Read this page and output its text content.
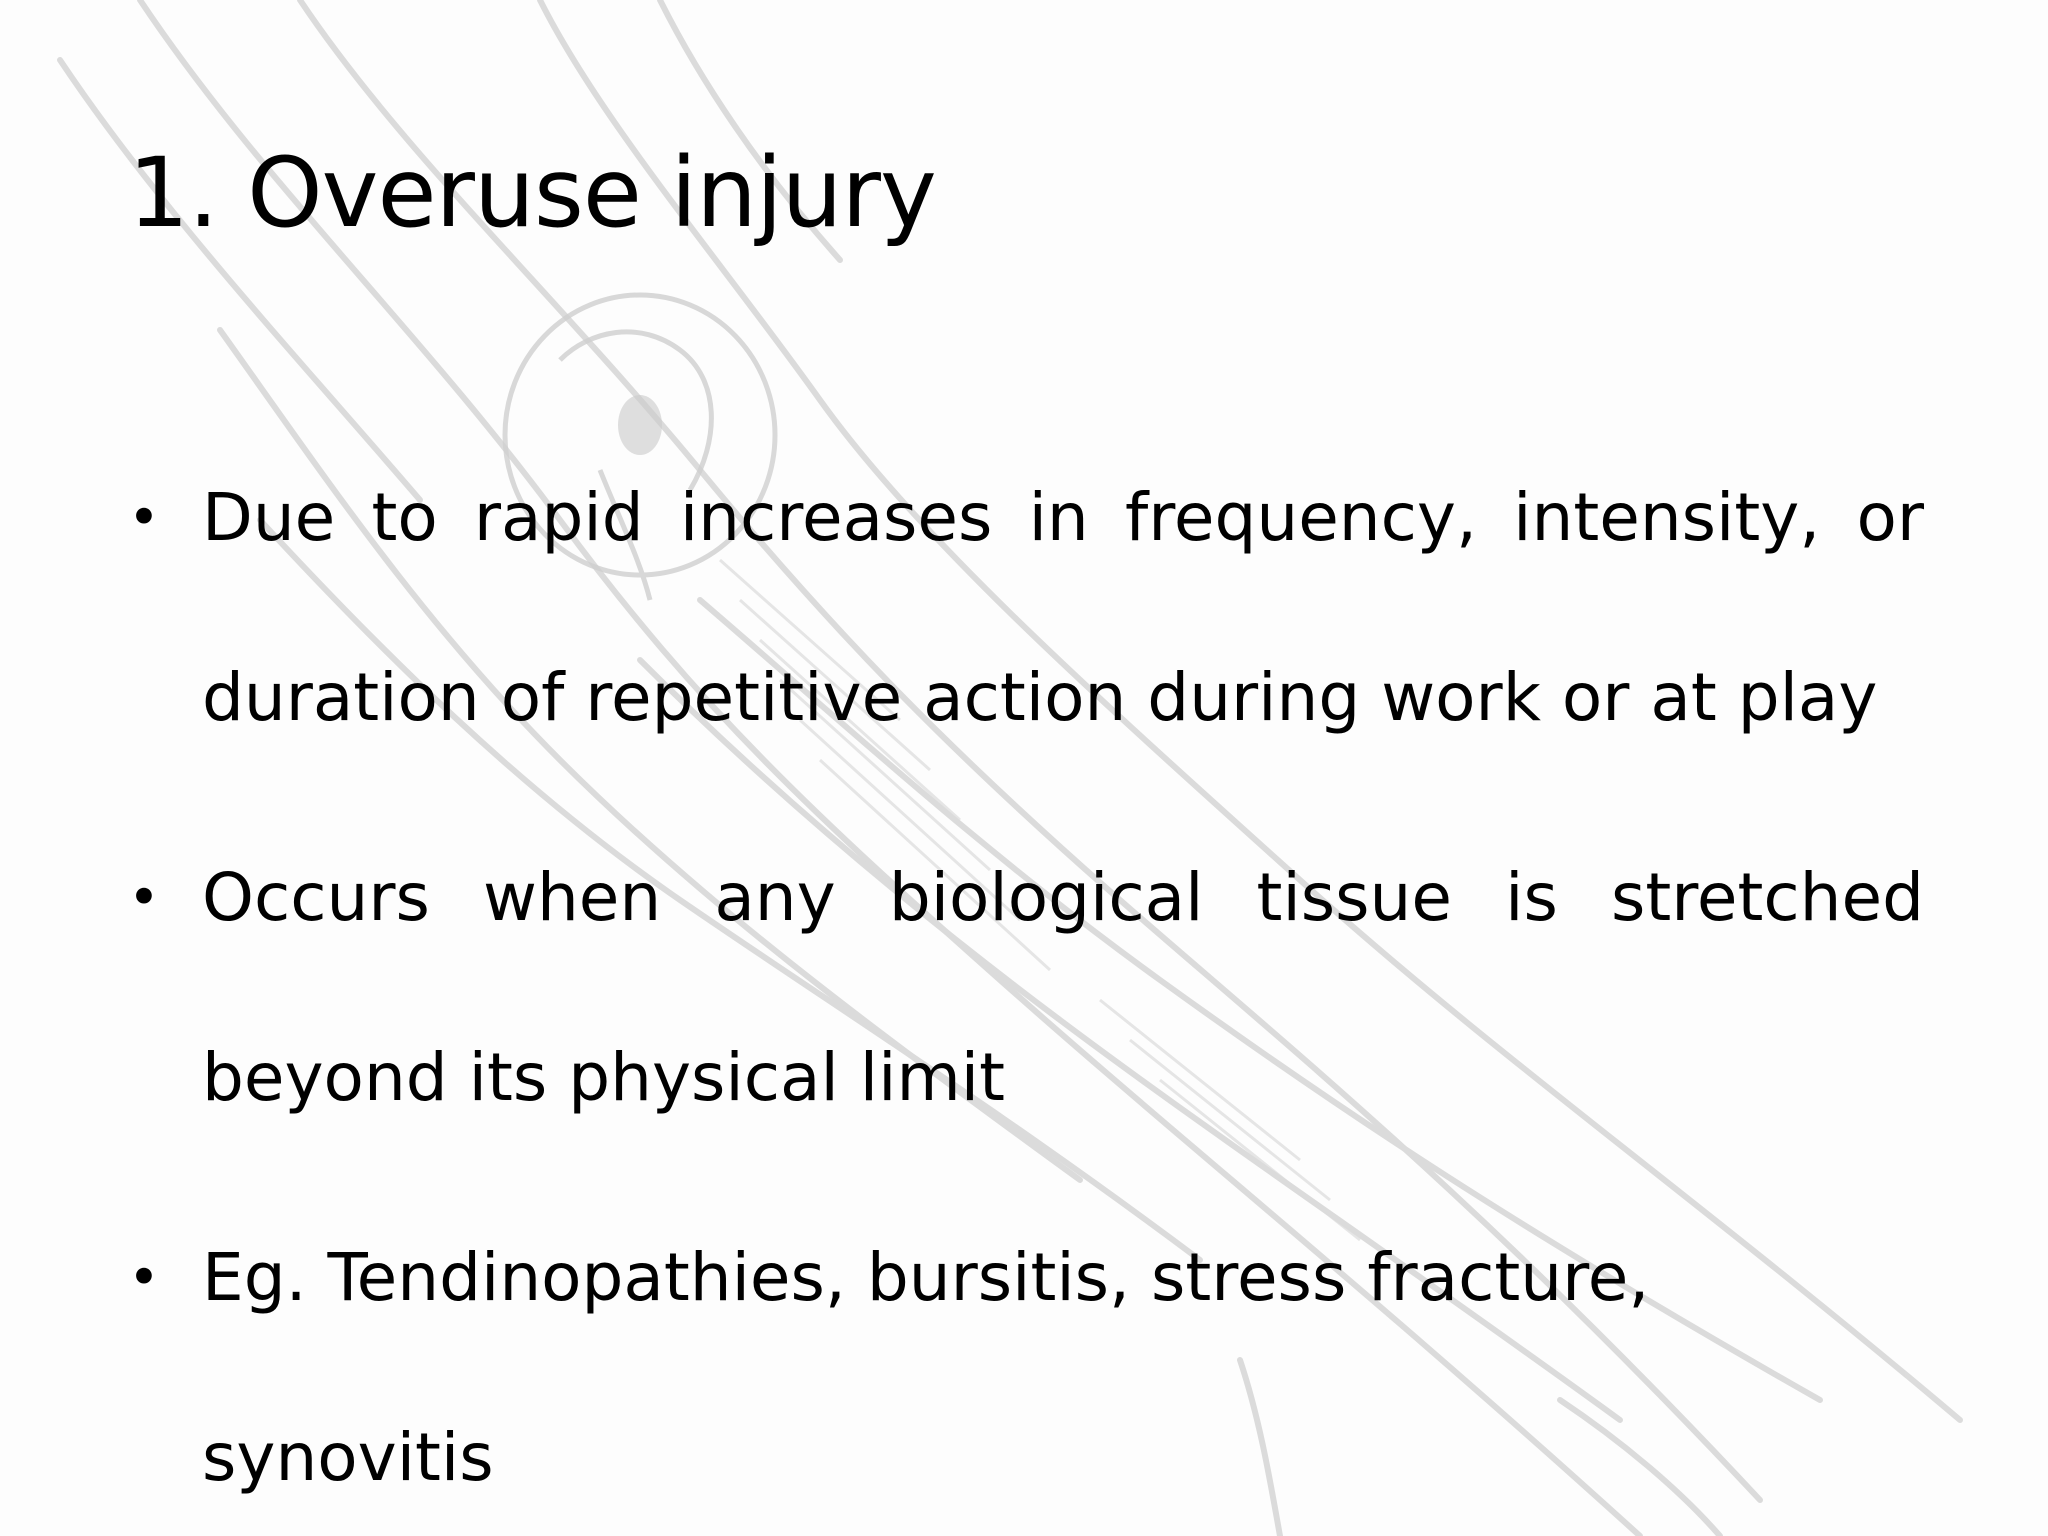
1. Overuse injury
• Due to rapid increases in frequency, intensity, or duration of repetitive action during work or at play
• Occurs when any biological tissue is stretched beyond its physical limit
• Eg. Tendinopathies, bursitis, stress fracture, synovitis
